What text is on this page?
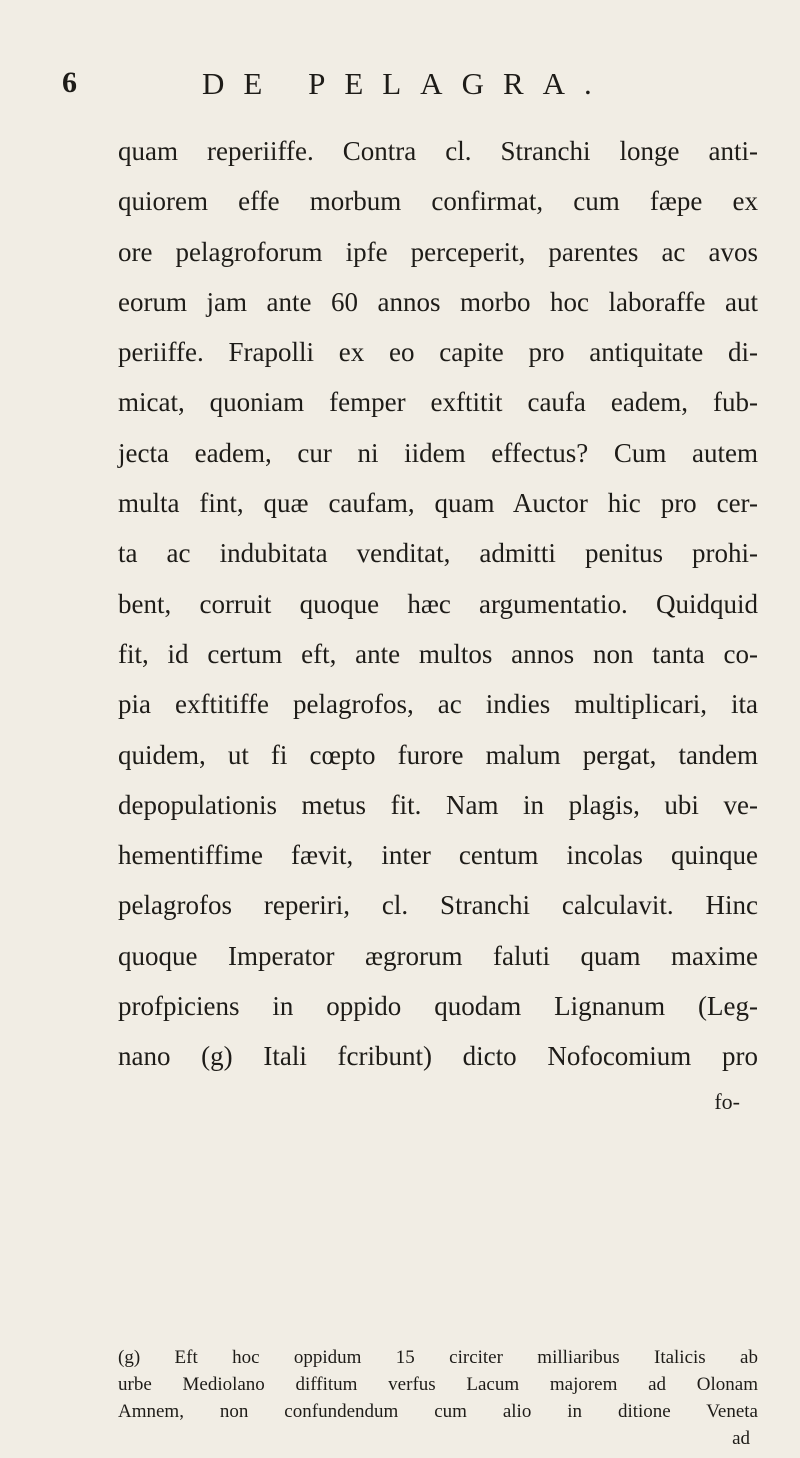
6	DE PELAGRA.
quam reperiiffe. Contra cl. Stranchi longe anti-
quiorem effe morbum confirmat, cum fæpe ex
ore pelagroforum ipfe perceperit, parentes ac avos
eorum jam ante 60 annos morbo hoc laboraffe aut
periiffe. Frapolli ex eo capite pro antiquitate di-
micat, quoniam femper exftitit caufa eadem, fub-
jecta eadem, cur ni iidem effectus? Cum autem
multa fint, quæ caufam, quam Auctor hic pro cer-
ta ac indubitata venditat, admitti penitus prohi-
bent, corruit quoque hæc argumentatio. Quidquid
fit, id certum eft, ante multos annos non tanta co-
pia exftitiffe pelagrofos, ac indies multiplicari, ita
quidem, ut fi cœpto furore malum pergat, tandem
depopulationis metus fit. Nam in plagis, ubi ve-
hementiffime fævit, inter centum incolas quinque
pelagrofos reperiri, cl. Stranchi calculavit. Hinc
quoque Imperator ægrorum faluti quam maxime
profpiciens in oppido quodam Lignanum (Leg-
nano (g) Itali fcribunt) dicto Nofocomium pro
fo-
(g) Eft hoc oppidum 15 circiter milliaribus Italicis ab
urbe Mediolano diffitum verfus Lacum majorem ad Olonam
Amnem, non confundendum cum alio in ditione Veneta
ad
